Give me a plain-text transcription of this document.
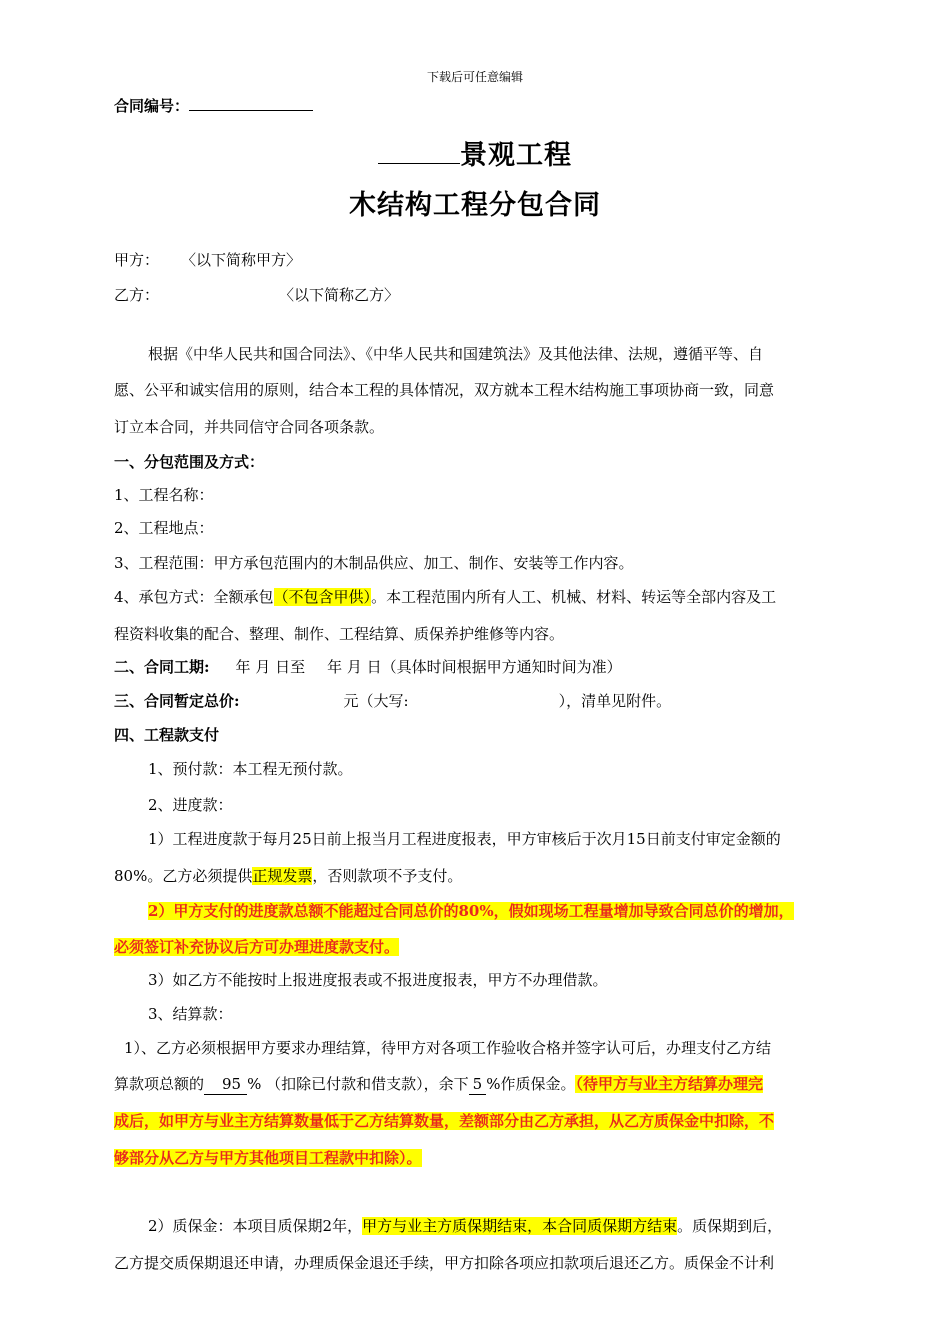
下载后可任意编辑
合同编号：
景观工程
木结构工程分包合同
甲方： 〈以下简称甲方〉
乙方：	〈以下简称乙方〉
根据《中华人民共和国合同法》、《中华人民共和国建筑法》及其他法律、法规，遵循平等、自
愿、公平和诚实信用的原则，结合本工程的具体情况，双方就本工程木结构施工事项协商一致，同意
订立本合同，并共同信守合同各项条款。
一、分包范围及方式：
1、工程名称：
2、工程地点：
3、工程范围：甲方承包范围内的木制品供应、加工、制作、安装等工作内容。
4、承包方式：全额承包（不包含甲供）。本工程范围内所有人工、机械、材料、转运等全部内容及工
程资料收集的配合、整理、制作、工程结算、质保养护维修等内容。
二、合同工期: 年 月 日至 年 月 日（具体时间根据甲方通知时间为准）
三、合同暂定总价:	元（大写:	），清单见附件。
四、工程款支付
1、预付款：本工程无预付款。
2、进度款：
1）工程进度款于每月25日前上报当月工程进度报表，甲方审核后于次月15日前支付审定金额的
80%。乙方必须提供正规发票，否则款项不予支付。
2）甲方支付的进度款总额不能超过合同总价的80%，假如现场工程量增加导致合同总价的增加，
必须签订补充协议后方可办理进度款支付。
3）如乙方不能按时上报进度报表或不报进度报表，甲方不办理借款。
3、结算款：
1）、乙方必须根据甲方要求办理结算，待甲方对各项工作验收合格并签字认可后，办理支付乙方结
算款项总额的 95 % （扣除已付款和借支款），余下 5 %作质保金。（待甲方与业主方结算办理完
成后，如甲方与业主方结算数量低于乙方结算数量，差额部分由乙方承担，从乙方质保金中扣除，不
够部分从乙方与甲方其他项目工程款中扣除）。
2）质保金：本项目质保期2年，甲方与业主方质保期结束，本合同质保期方结束。质保期到后，
乙方提交质保期退还申请，办理质保金退还手续，甲方扣除各项应扣款项后退还乙方。质保金不计利
